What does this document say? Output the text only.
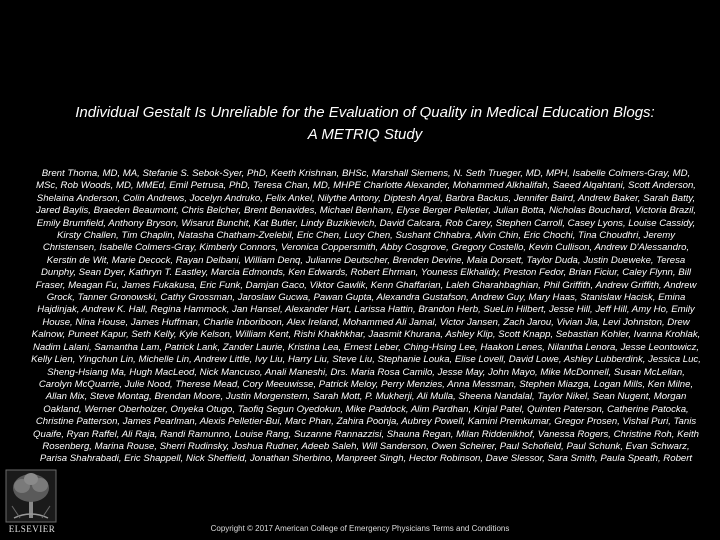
Individual Gestalt Is Unreliable for the Evaluation of Quality in Medical Education Blogs:
A METRIQ Study

Brent Thoma, MD, MA, Stefanie S. Sebok-Syer, PhD, Keeth Krishnan, BHSc, Marshall Siemens, N. Seth Trueger, MD, MPH, Isabelle Colmers-Gray, MD, MSc, Rob Woods, MD, MMEd, Emil Petrusa, PhD, Teresa Chan, MD, MHPE Charlotte Alexander, Mohammed Alkhalifah, Saeed Alqahtani, Scott Anderson, Shelaina Anderson, Colin Andrews, Jocelyn Andruko, Felix Ankel, Nilythe Antony, Diptesh Aryal, Barbra Backus, Jennifer Baird, Andrew Baker, Sarah Batty, Jared Baylis, Braeden Beaumont, Chris Belcher, Brent Benavides, Michael Benham, Elyse Berger Pelletier, Julian Botta, Nicholas Bouchard, Victoria Brazil, Emily Brumfield, Anthony Bryson, Wisarut Bunchit, Kat Butler, Lindy Buzikievich, David Calcara, Rob Carey, Stephen Carroll, Casey Lyons, Louise Cassidy, Kirsty Challen, Tim Chaplin, Natasha Chatham-Zvelebil, Eric Chen, Lucy Chen, Sushant Chhabra, Alvin Chin, Eric Chochi, Tina Choudhri, Jeremy Christensen, Isabelle Colmers-Gray, Kimberly Connors, Veronica Coppersmith, Abby Cosgrove, Gregory Costello, Kevin Cullison, Andrew D'Alessandro, Kerstin de Wit, Marie Decock, Rayan Delbani, William Denq, Julianne Deutscher, Brenden Devine, Maia Dorsett, Taylor Duda, Justin Dueweke, Teresa Dunphy, Sean Dyer, Kathryn T. Eastley, Marcia Edmonds, Ken Edwards, Robert Ehrman, Youness Elkhalidy, Preston Fedor, Brian Ficiur, Caley Flynn, Bill Fraser, Meagan Fu, James Fukakusa, Eric Funk, Damjan Gaco, Viktor Gawlik, Kenn Ghaffarian, Laleh Gharahbaghian, Phil Griffith, Andrew Griffith, Andrew Grock, Tanner Gronowski, Cathy Grossman, Jaroslaw Gucwa, Pawan Gupta, Alexandra Gustafson, Andrew Guy, Mary Haas, Stanislaw Hacisk, Emina Hajdinjak, Andrew K. Hall, Regina Hammock, Jan Hansel, Alexander Hart, Larissa Hattin, Brandon Herb, SueLin Hilbert, Jesse Hill, Jeff Hill, Amy Ho, Emily House, Nina House, James Huffman, Charlie Inboriboon, Alex Ireland, Mohammed Ali Jamal, Victor Jansen, Zach Jarou, Vivian Jia, Levi Johnston, Drew Kalnow, Puneet Kapur, Seth Kelly, Kyle Kelson, William Kent, Rishi Khakhkhar, Jaasmit Khurana, Ashley Klip, Scott Knapp, Sebastian Kohler, Ivanna Krohlak, Nadim Lalani, Samantha Lam, Patrick Lank, Zander Laurie, Kristina Lea, Ernest Leber, Ching-Hsing Lee, Haakon Lenes, Nilantha Lenora, Jesse Leontowicz, Kelly Lien, Yingchun Lin, Michelle Lin, Andrew Little, Ivy Liu, Harry Liu, Steve Liu, Stephanie Louka, Elise Lovell, David Lowe, Ashley Lubberdink, Jessica Luc, Sheng-Hsiang Ma, Hugh MacLeod, Nick Mancuso, Anali Maneshi, Drs. Maria Rosa Camilo, Jesse May, John Mayo, Mike McDonnell, Susan McLellan, Carolyn McQuarrie, Julie Nood, Therese Mead, Cory Meeuwisse, Patrick Meloy, Perry Menzies, Anna Messman, Stephen Miazga, Logan Mills, Ken Milne, Allan Mix, Steve Montag, Brendan Moore, Justin Morgenstern, Sarah Mott, P. Mukherji, Ali Mulla, Sheena Nandalal, Taylor Nikel, Sean Nugent, Morgan Oakland, Werner Oberholzer, Onyeka Otugo, Taofiq Segun Oyedokun, Mike Paddock, Alim Pardhan, Kinjal Patel, Quinten Paterson, Catherine Patocka, Christine Patterson, James Pearlman, Alexis Pelletier-Bui, Marc Phan, Zahira Poonja, Aubrey Powell, Kamini Premkumar, Gregor Prosen, Vishal Puri, Tanis Quaife, Ryan Raffel, Ali Raja, Randi Ramunno, Louise Rang, Suzanne Rannazzisi, Shauna Regan, Milan Riddenikhof, Vanessa Rogers, Christine Roh, Keith Rosenberg, Marina Rouse, Sherri Rudinsky, Joshua Rudner, Adeeb Saleh, Will Sanderson, Owen Scheirer, Paul Schofield, Paul Schunk, Evan Schwarz, Parisa Shahrabadi, Eric Shappell, Nick Sheffield, Jonathan Sherbino, Manpreet Singh, Hector Robinson, Dave Slessor, Sara Smith, Paula Speath, Robert

ELSEVIER	Copyright © 2017 American College of Emergency Physicians Terms and Conditions
